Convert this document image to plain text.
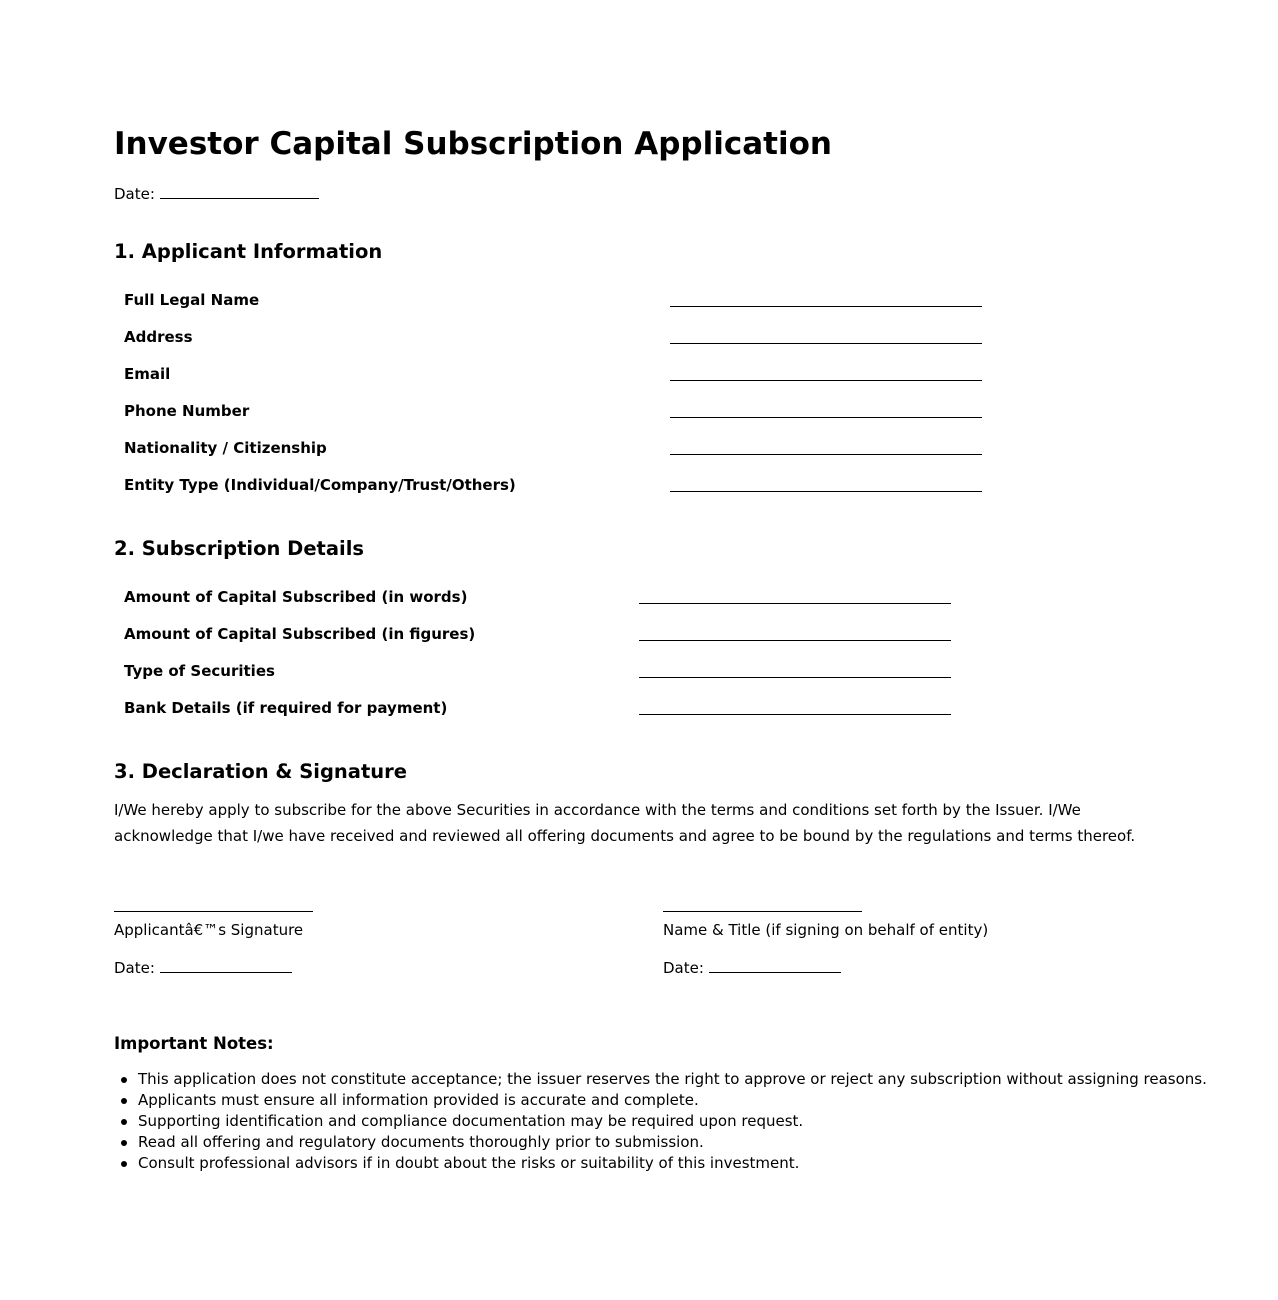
Investor Capital Subscription Application
Date:
1. Applicant Information
Full Legal Name
Address
Email
Phone Number
Nationality / Citizenship
Entity Type (Individual/Company/Trust/Others)
2. Subscription Details
Amount of Capital Subscribed (in words)
Amount of Capital Subscribed (in figures)
Type of Securities
Bank Details (if required for payment)
3. Declaration & Signature

I/We hereby apply to subscribe for the above Securities in accordance with the terms and conditions set forth by the Issuer. I/We acknowledge that I/we have received and reviewed all offering documents and agree to be bound by the regulations and terms thereof.

Applicantâ€™s Signature
Date:
Name & Title (if signing on behalf of entity)
Date:
Important Notes:
This application does not constitute acceptance; the issuer reserves the right to approve or reject any subscription without assigning reasons.
Applicants must ensure all information provided is accurate and complete.
Supporting identification and compliance documentation may be required upon request.
Read all offering and regulatory documents thoroughly prior to submission.
Consult professional advisors if in doubt about the risks or suitability of this investment.
